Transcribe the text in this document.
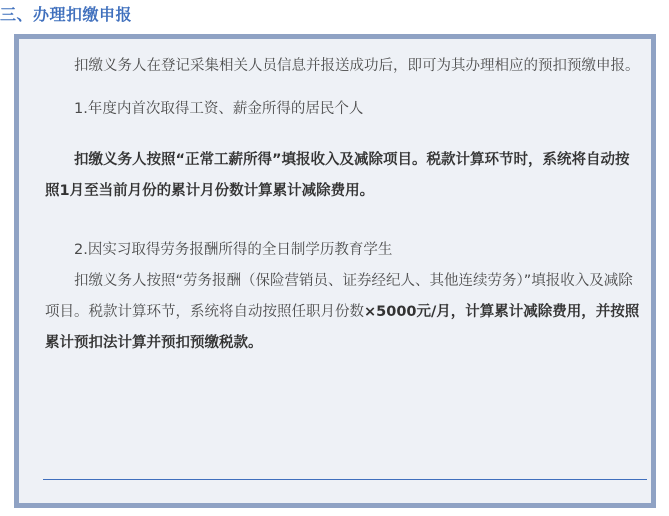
三、办理扣缴申报

扣缴义务人在登记采集相关人员信息并报送成功后，即可为其办理相应的预扣预缴申报。

1.年度内首次取得工资、薪金所得的居民个人

扣缴义务人按照“正常工薪所得”填报收入及减除项目。税款计算环节时，系统将自动按照1月至当前月份的累计月份数计算累计减除费用。

2.因实习取得劳务报酬所得的全日制学历教育学生

扣缴义务人按照“劳务报酬（保险营销员、证券经纪人、其他连续劳务）”填报收入及减除项目。税款计算环节，系统将自动按照任职月份数×5000元/月，计算累计减除费用，并按照累计预扣法计算并预扣预缴税款。
